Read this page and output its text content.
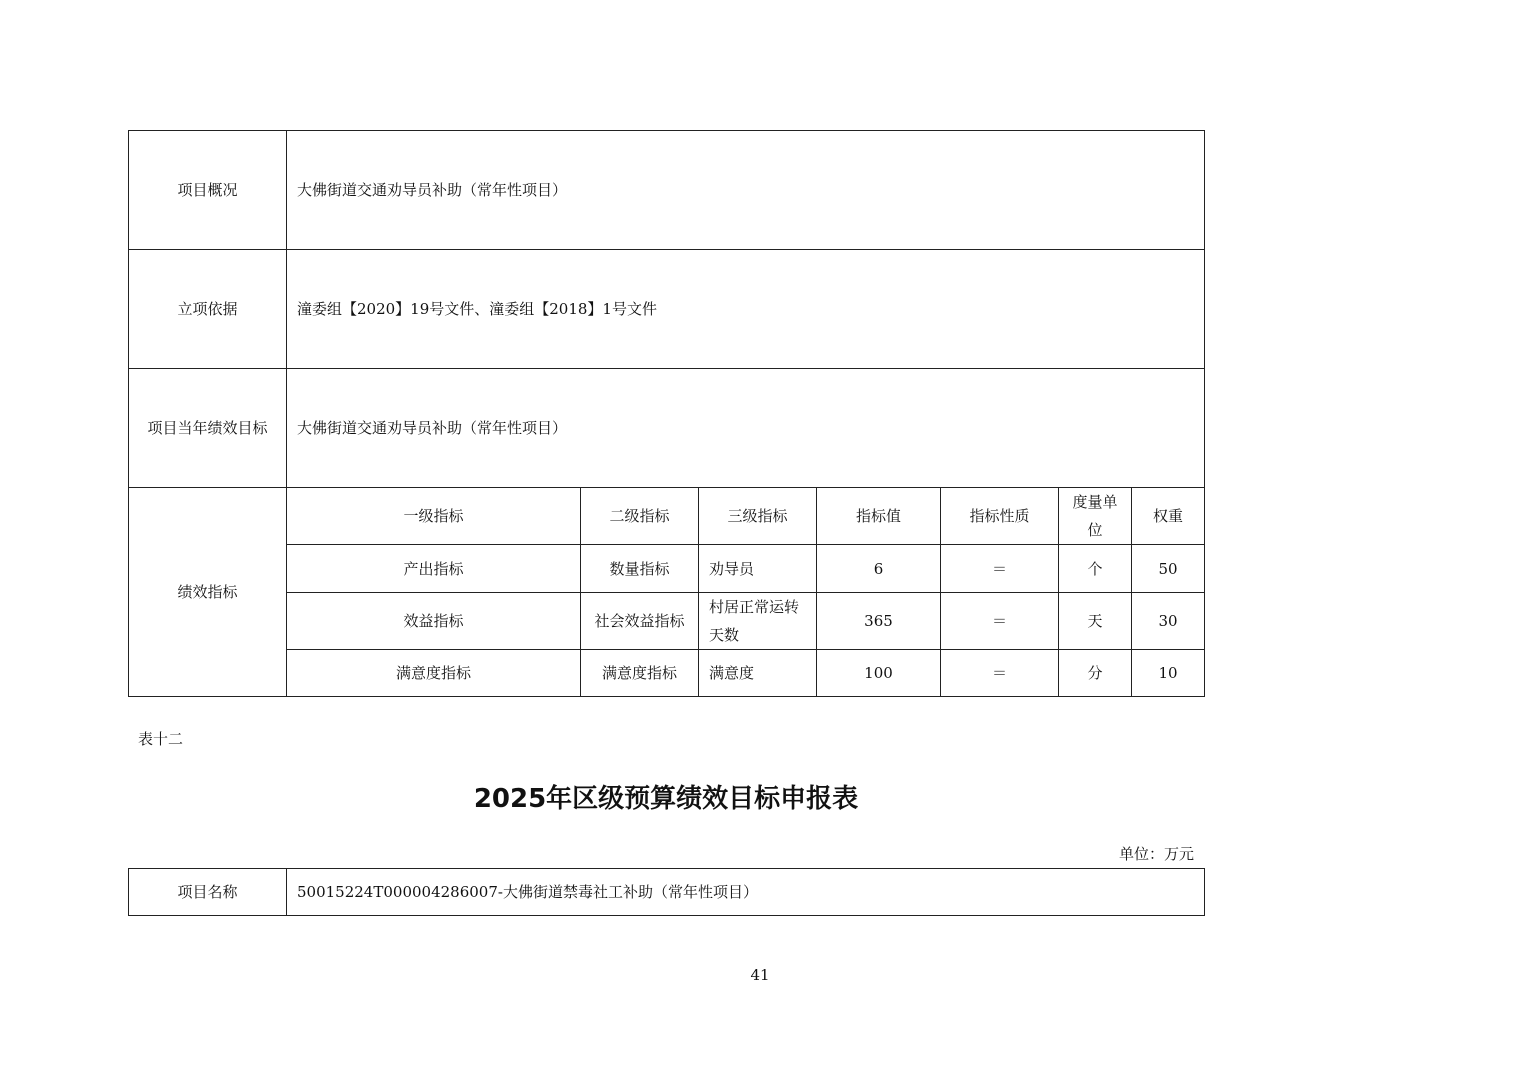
项目概况	大佛街道交通劝导员补助（常年性项目）						
立项依据	潼委组【2020】19号文件、潼委组【2018】1号文件						
项目当年绩效目标	大佛街道交通劝导员补助（常年性项目）						
绩效指标	一级指标	二级指标	三级指标	指标值	指标性质	度量单位	权重
	产出指标	数量指标	劝导员	6	＝	个	50
	效益指标	社会效益指标	村居正常运转天数	365	＝	天	30
	满意度指标	满意度指标	满意度	100	＝	分	10
表十二
2025年区级预算绩效目标申报表
单位：万元
项目名称	50015224T000004286007-大佛街道禁毒社工补助（常年性项目）
41
